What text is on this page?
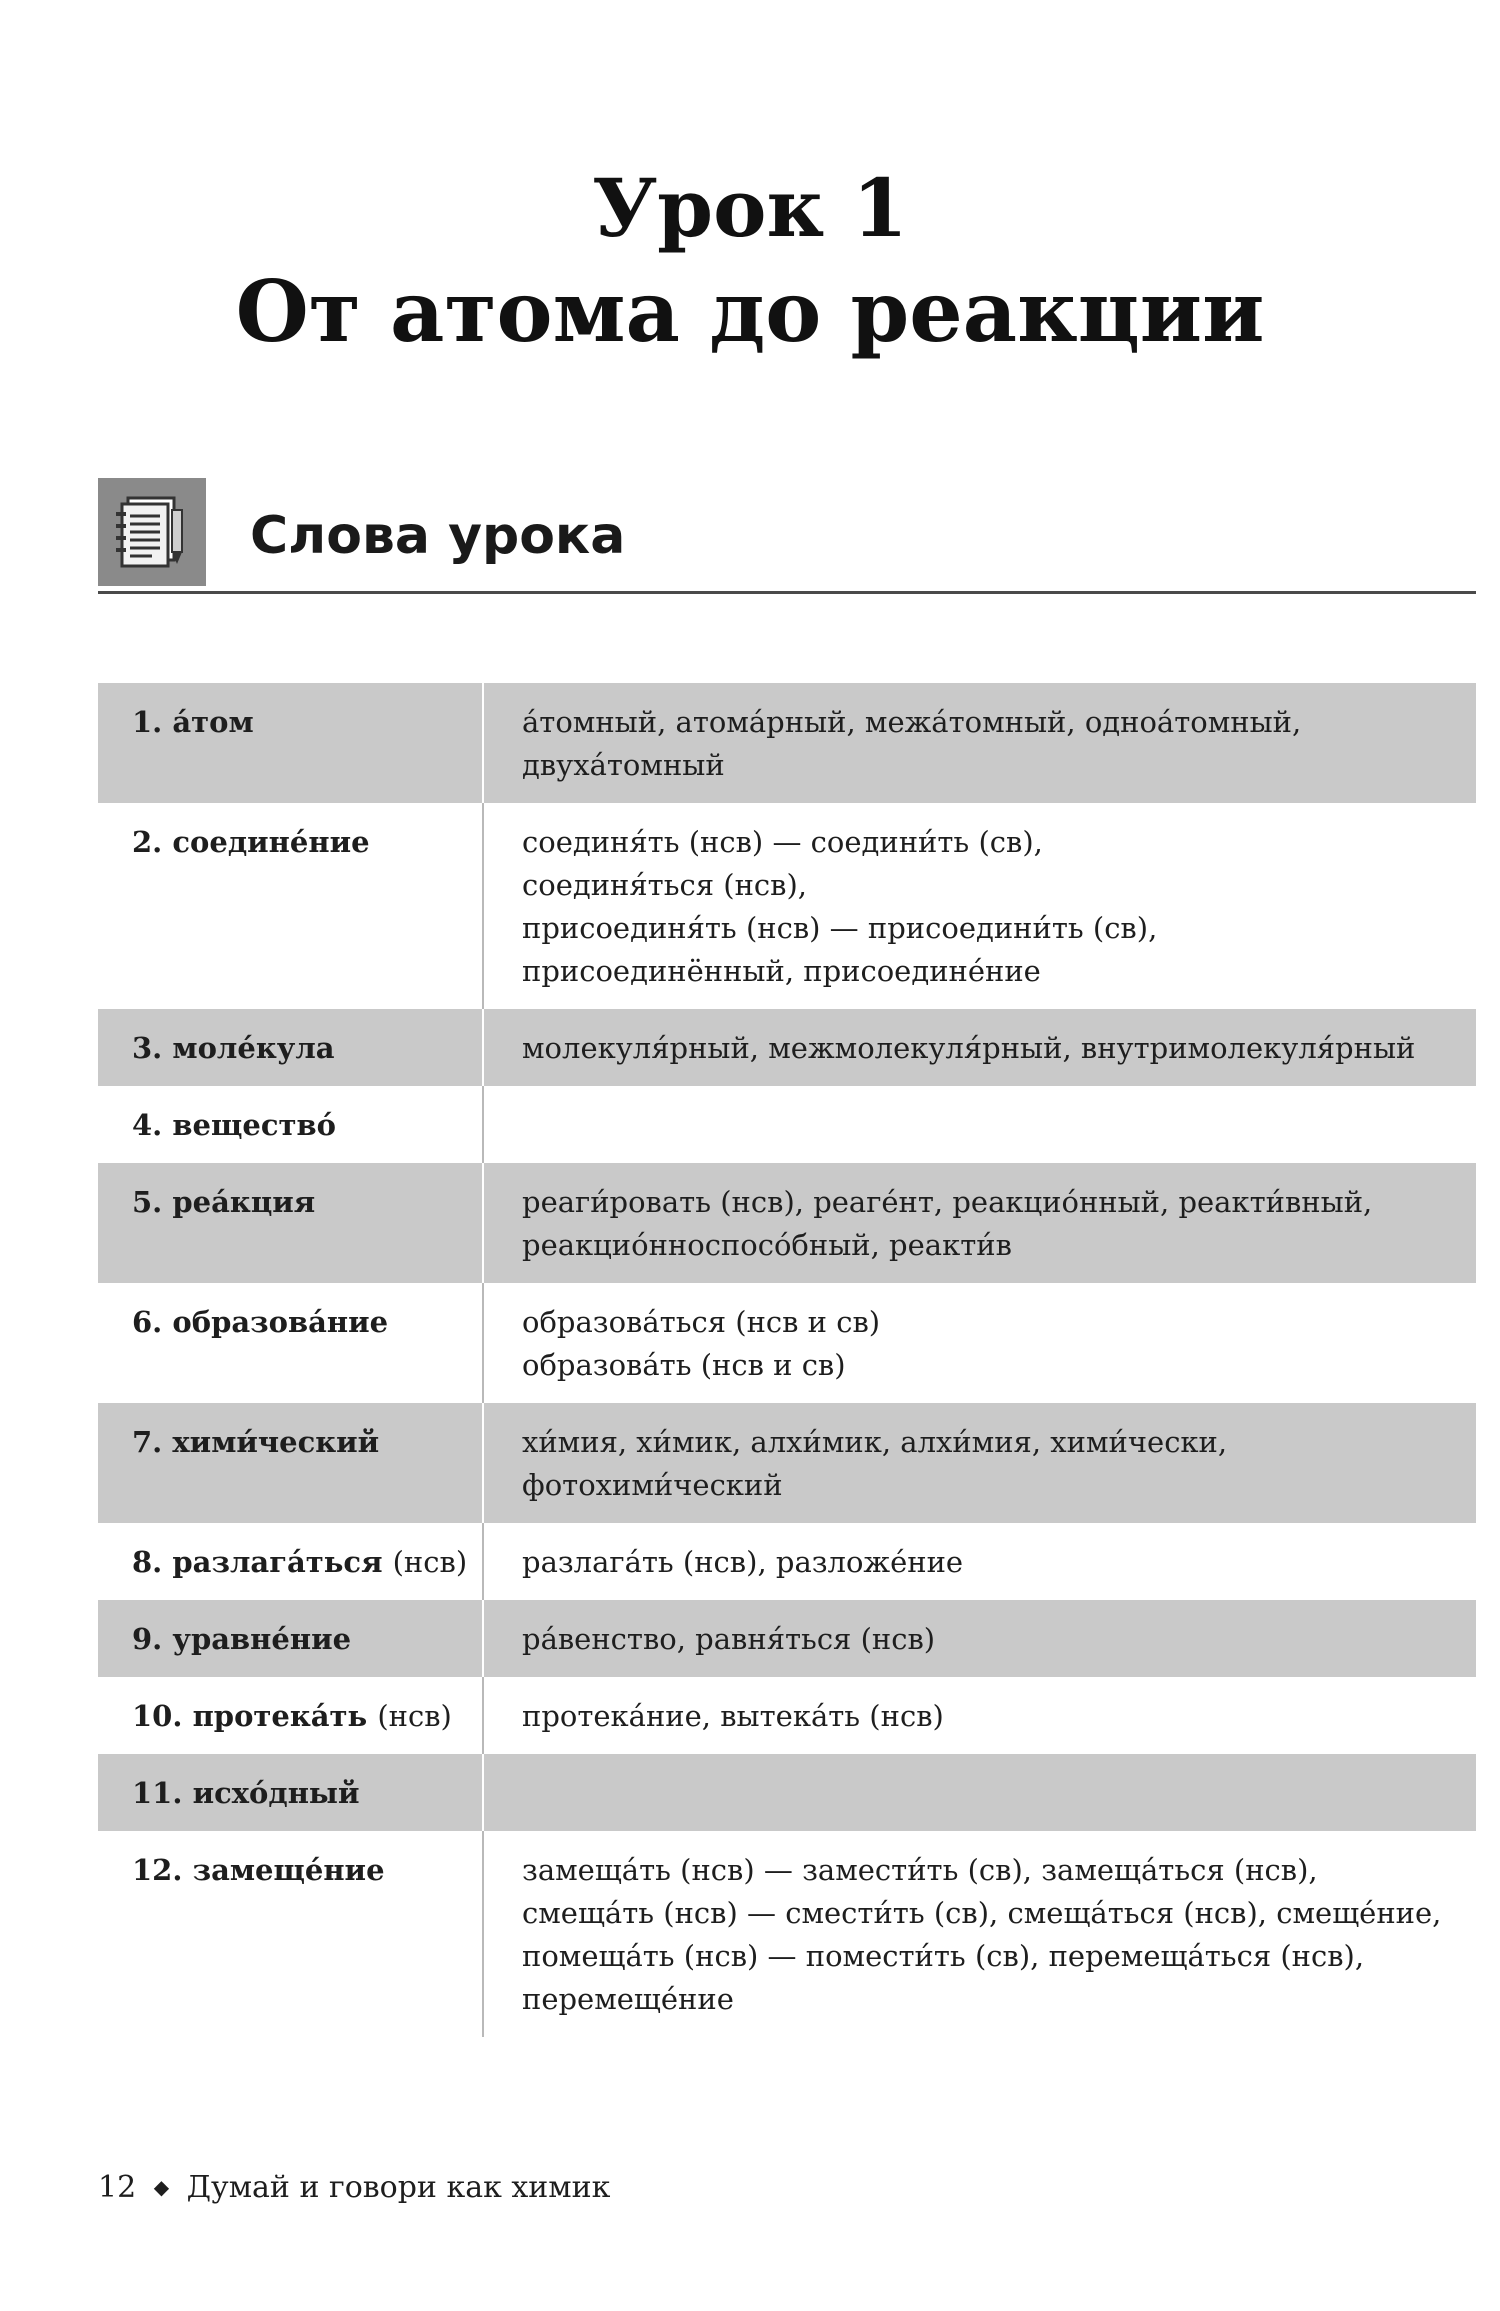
Урок 1
От атома до реакции
Слова урока
1. а́том	а́томный, атома́рный, межа́томный, одноа́томный,
двуха́томный

2. соедине́ние	соединя́ть (нсв) — соедини́ть (св),
соединя́ться (нсв),
присоединя́ть (нсв) — присоедини́ть (св),
присоединённый, присоедине́ние

3. моле́кула	молекуля́рный, межмолекуля́рный, внутримолекуля́рный

4. вещество́	

5. реа́кция	реаги́ровать (нсв), реаге́нт, реакцио́нный, реакти́вный,
реакцио́нноспосо́бный, реакти́в

6. образова́ние	образова́ться (нсв и св)
образова́ть (нсв и св)

7. хими́ческий	хи́мия, хи́мик, алхи́мик, алхи́мия, хими́чески,
фотохими́ческий

8. разлага́ться (нсв)	разлага́ть (нсв), разложе́ние

9. уравне́ние	ра́венство, равня́ться (нсв)

10. протека́ть (нсв)	протека́ние, вытека́ть (нсв)

11. исхо́дный	

12. замеще́ние	замеща́ть (нсв) — замести́ть (св), замеща́ться (нсв),
смеща́ть (нсв) — смести́ть (св), смеща́ться (нсв), смеще́ние,
помеща́ть (нсв) — помести́ть (св), перемеща́ться (нсв),
перемеще́ние
12 ◆ Думай и говори как химик
